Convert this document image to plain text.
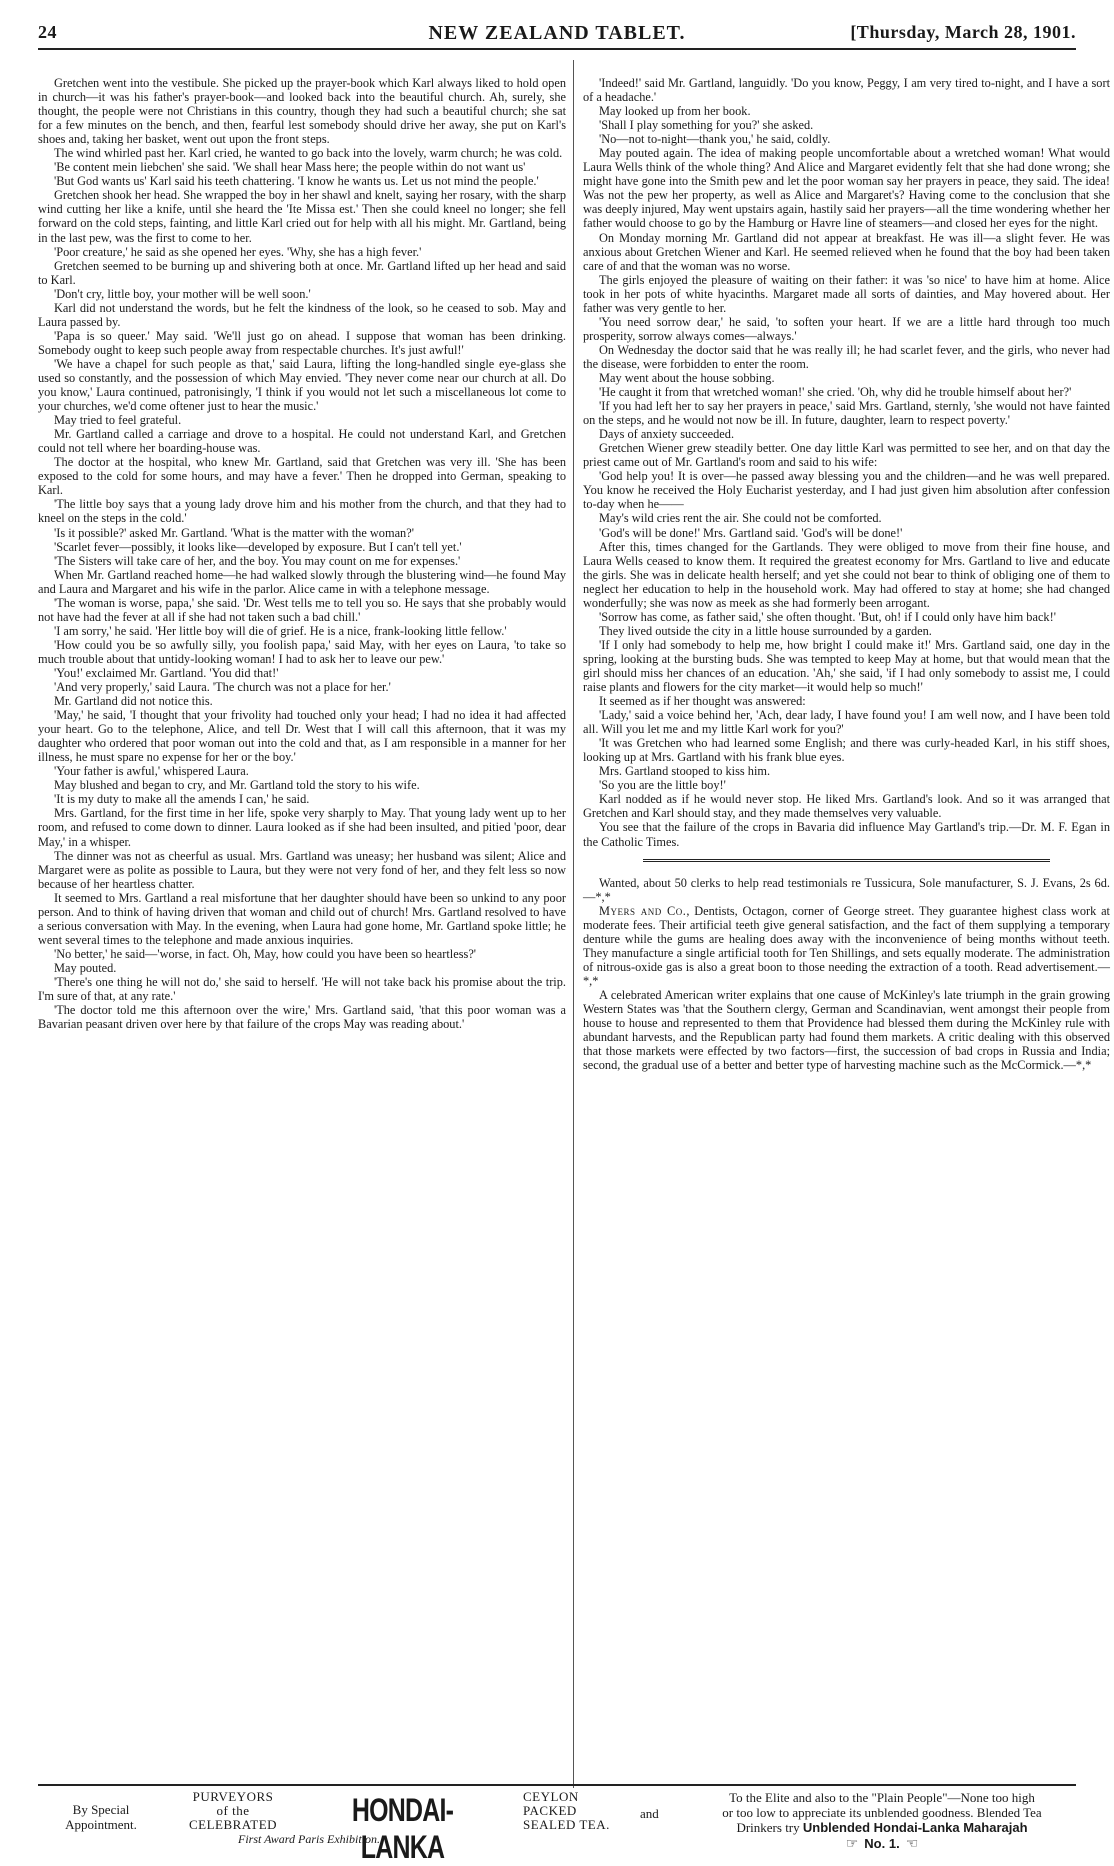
24	NEW ZEALAND TABLET.	[Thursday, March 28, 1901.

Gretchen went into the vestibule. She picked up the prayer-book which Karl always liked to hold open in church—it was his father's prayer-book—and looked back into the beautiful church. Ah, surely, she thought, the people were not Christians in this country, though they had such a beautiful church; she sat for a few minutes on the bench, and then, fearful lest somebody should drive her away, she put on Karl's shoes and, taking her basket, went out upon the front steps.

The wind whirled past her. Karl cried, he wanted to go back into the lovely, warm church; he was cold.

'Be content mein liebchen' she said. 'We shall hear Mass here; the people within do not want us'

'But God wants us' Karl said his teeth chattering. 'I know he wants us. Let us not mind the people.'

Gretchen shook her head. She wrapped the boy in her shawl and knelt, saying her rosary, with the sharp wind cutting her like a knife, until she heard the 'Ite Missa est.' Then she could kneel no longer; she fell forward on the cold steps, fainting, and little Karl cried out for help with all his might. Mr. Gartland, being in the last pew, was the first to come to her.

'Poor creature,' he said as she opened her eyes. 'Why, she has a high fever.'

Gretchen seemed to be burning up and shivering both at once. Mr. Gartland lifted up her head and said to Karl.

'Don't cry, little boy, your mother will be well soon.'

Karl did not understand the words, but he felt the kindness of the look, so he ceased to sob. May and Laura passed by.

'Papa is so queer.' May said. 'We'll just go on ahead. I suppose that woman has been drinking. Somebody ought to keep such people away from respectable churches. It's just awful!'

'We have a chapel for such people as that,' said Laura, lifting the long-handled single eye-glass she used so constantly, and the possession of which May envied. 'They never come near our church at all. Do you know,' Laura continued, patronisingly, 'I think if you would not let such a miscellaneous lot come to your churches, we'd come oftener just to hear the music.'

May tried to feel grateful.

Mr. Gartland called a carriage and drove to a hospital. He could not understand Karl, and Gretchen could not tell where her boarding-house was.

The doctor at the hospital, who knew Mr. Gartland, said that Gretchen was very ill. 'She has been exposed to the cold for some hours, and may have a fever.' Then he dropped into German, speaking to Karl.

'The little boy says that a young lady drove him and his mother from the church, and that they had to kneel on the steps in the cold.'

'Is it possible?' asked Mr. Gartland. 'What is the matter with the woman?'

'Scarlet fever—possibly, it looks like—developed by exposure. But I can't tell yet.'

'The Sisters will take care of her, and the boy. You may count on me for expenses.'

When Mr. Gartland reached home—he had walked slowly through the blustering wind—he found May and Laura and Margaret and his wife in the parlor. Alice came in with a telephone message.

'The woman is worse, papa,' she said. 'Dr. West tells me to tell you so. He says that she probably would not have had the fever at all if she had not taken such a bad chill.'

'I am sorry,' he said. 'Her little boy will die of grief. He is a nice, frank-looking little fellow.'

'How could you be so awfully silly, you foolish papa,' said May, with her eyes on Laura, 'to take so much trouble about that untidy-looking woman! I had to ask her to leave our pew.'

'You!' exclaimed Mr. Gartland. 'You did that!'

'And very properly,' said Laura. 'The church was not a place for her.'

Mr. Gartland did not notice this.

'May,' he said, 'I thought that your frivolity had touched only your head; I had no idea it had affected your heart. Go to the telephone, Alice, and tell Dr. West that I will call this afternoon, that it was my daughter who ordered that poor woman out into the cold and that, as I am responsible in a manner for her illness, he must spare no expense for her or the boy.'

'Your father is awful,' whispered Laura.

May blushed and began to cry, and Mr. Gartland told the story to his wife.

'It is my duty to make all the amends I can,' he said.

Mrs. Gartland, for the first time in her life, spoke very sharply to May. That young lady went up to her room, and refused to come down to dinner. Laura looked as if she had been insulted, and pitied 'poor, dear May,' in a whisper.

The dinner was not as cheerful as usual. Mrs. Gartland was uneasy; her husband was silent; Alice and Margaret were as polite as possible to Laura, but they were not very fond of her, and they felt less so now because of her heartless chatter.

It seemed to Mrs. Gartland a real misfortune that her daughter should have been so unkind to any poor person. And to think of having driven that woman and child out of church! Mrs. Gartland resolved to have a serious conversation with May. In the evening, when Laura had gone home, Mr. Gartland spoke little; he went several times to the telephone and made anxious inquiries.

'No better,' he said—'worse, in fact. Oh, May, how could you have been so heartless?'

May pouted.

'There's one thing he will not do,' she said to herself. 'He will not take back his promise about the trip. I'm sure of that, at any rate.'

'The doctor told me this afternoon over the wire,' Mrs. Gartland said, 'that this poor woman was a Bavarian peasant driven over here by that failure of the crops May was reading about.'

'Indeed!' said Mr. Gartland, languidly. 'Do you know, Peggy, I am very tired to-night, and I have a sort of a headache.'

May looked up from her book.

'Shall I play something for you?' she asked.

'No—not to-night—thank you,' he said, coldly.

May pouted again. The idea of making people uncomfortable about a wretched woman! What would Laura Wells think of the whole thing? And Alice and Margaret evidently felt that she had done wrong; she might have gone into the Smith pew and let the poor woman say her prayers in peace, they said. The idea! Was not the pew her property, as well as Alice and Margaret's? Having come to the conclusion that she was deeply injured, May went upstairs again, hastily said her prayers—all the time wondering whether her father would choose to go by the Hamburg or Havre line of steamers—and closed her eyes for the night.

On Monday morning Mr. Gartland did not appear at breakfast. He was ill—a slight fever. He was anxious about Gretchen Wiener and Karl. He seemed relieved when he found that the boy had been taken care of and that the woman was no worse.

The girls enjoyed the pleasure of waiting on their father: it was 'so nice' to have him at home. Alice took in her pots of white hyacinths. Margaret made all sorts of dainties, and May hovered about. Her father was very gentle to her.

'You need sorrow dear,' he said, 'to soften your heart. If we are a little hard through too much prosperity, sorrow always comes—always.'

On Wednesday the doctor said that he was really ill; he had scarlet fever, and the girls, who never had the disease, were forbidden to enter the room.

May went about the house sobbing.

'He caught it from that wretched woman!' she cried. 'Oh, why did he trouble himself about her?'

'If you had left her to say her prayers in peace,' said Mrs. Gartland, sternly, 'she would not have fainted on the steps, and he would not now be ill. In future, daughter, learn to respect poverty.'

Days of anxiety succeeded.

Gretchen Wiener grew steadily better. One day little Karl was permitted to see her, and on that day the priest came out of Mr. Gartland's room and said to his wife:

'God help you! It is over—he passed away blessing you and the children—and he was well prepared. You know he received the Holy Eucharist yesterday, and I had just given him absolution after confession to-day when he——

May's wild cries rent the air. She could not be comforted.

'God's will be done!' Mrs. Gartland said. 'God's will be done!'

After this, times changed for the Gartlands. They were obliged to move from their fine house, and Laura Wells ceased to know them. It required the greatest economy for Mrs. Gartland to live and educate the girls. She was in delicate health herself; and yet she could not bear to think of obliging one of them to neglect her education to help in the household work. May had offered to stay at home; she had changed wonderfully; she was now as meek as she had formerly been arrogant.

'Sorrow has come, as father said,' she often thought. 'But, oh! if I could only have him back!'

They lived outside the city in a little house surrounded by a garden.

'If I only had somebody to help me, how bright I could make it!' Mrs. Gartland said, one day in the spring, looking at the bursting buds. She was tempted to keep May at home, but that would mean that the girl should miss her chances of an education. 'Ah,' she said, 'if I had only somebody to assist me, I could raise plants and flowers for the city market—it would help so much!'

It seemed as if her thought was answered:

'Lady,' said a voice behind her, 'Ach, dear lady, I have found you! I am well now, and I have been told all. Will you let me and my little Karl work for you?'

'It was Gretchen who had learned some English; and there was curly-headed Karl, in his stiff shoes, looking up at Mrs. Gartland with his frank blue eyes.

Mrs. Gartland stooped to kiss him.

'So you are the little boy!'

Karl nodded as if he would never stop. He liked Mrs. Gartland's look. And so it was arranged that Gretchen and Karl should stay, and they made themselves very valuable.

You see that the failure of the crops in Bavaria did influence May Gartland's trip.—Dr. M. F. Egan in the Catholic Times.

Wanted, about 50 clerks to help read testimonials re Tussicura, Sole manufacturer, S. J. Evans, 2s 6d.—*,*

Myers and Co., Dentists, Octagon, corner of George street. They guarantee highest class work at moderate fees. Their artificial teeth give general satisfaction, and the fact of them supplying a temporary denture while the gums are healing does away with the inconvenience of being months without teeth. They manufacture a single artificial tooth for Ten Shillings, and sets equally moderate. The administration of nitrous-oxide gas is also a great boon to those needing the extraction of a tooth. Read advertisement.—*,*

A celebrated American writer explains that one cause of McKinley's late triumph in the grain growing Western States was 'that the Southern clergy, German and Scandinavian, went amongst their people from house to house and represented to them that Providence had blessed them during the McKinley rule with abundant harvests, and the Republican party had found them markets. A critic dealing with this observed that those markets were effected by two factors—first, the succession of bad crops in Russia and India; second, the gradual use of a better and better type of harvesting machine such as the McCormick.—*,*

By Special Appointment.
PURVEYORS
of the
CELEBRATED	HONDAI-LANKA
CEYLON
PACKED
SEALED TEA.
and
First Award Paris Exhibition.
To the Elite and also to the "Plain People"—None too high
or too low to appreciate its unblended goodness. Blended Tea
Drinkers try Unblended Hondai-Lanka Maharajah
☞ No. 1. ☜
